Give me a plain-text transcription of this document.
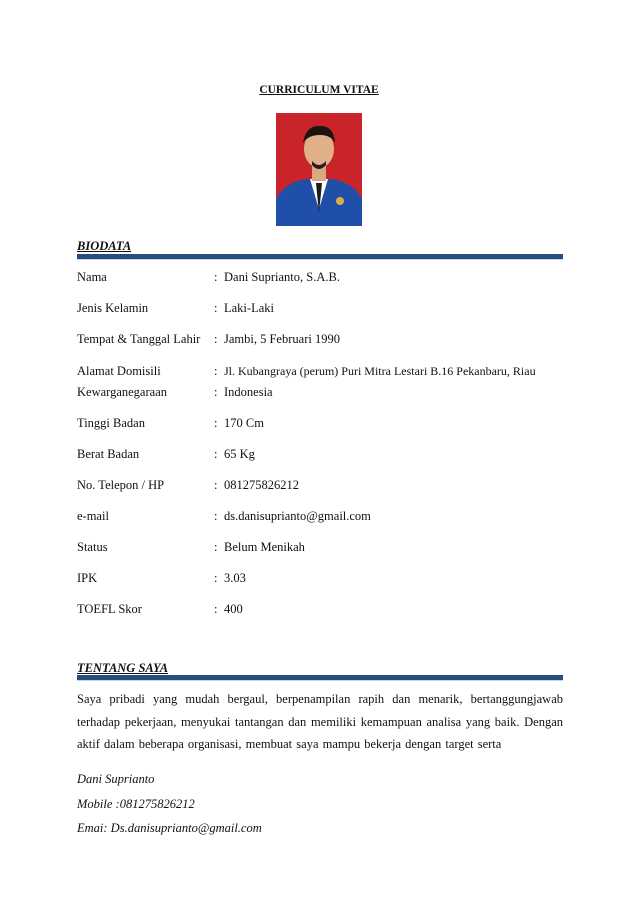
CURRICULUM VITAE
BIODATA
Nama	: Dani Suprianto, S.A.B.
Jenis Kelamin	: Laki-Laki
Tempat & Tanggal Lahir : Jambi, 5 Februari 1990
Alamat Domisili	: Jl. Kubangraya (perum) Puri Mitra Lestari B.16 Pekanbaru, Riau
Kewarganegaraan	: Indonesia
Tinggi Badan	: 170 Cm
Berat Badan	: 65 Kg
No. Telepon / HP	: 081275826212
e-mail	: ds.danisuprianto@gmail.com
Status	: Belum Menikah
IPK	: 3.03
TOEFL Skor	: 400
TENTANG SAYA
Saya pribadi yang mudah bergaul, berpenampilan rapih dan menarik, bertanggungjawab terhadap pekerjaan, menyukai tantangan dan memiliki kemampuan analisa yang baik. Dengan aktif dalam beberapa organisasi, membuat saya mampu bekerja dengan target serta
Dani Suprianto
Mobile :081275826212
Emai: Ds.danisuprianto@gmail.com
